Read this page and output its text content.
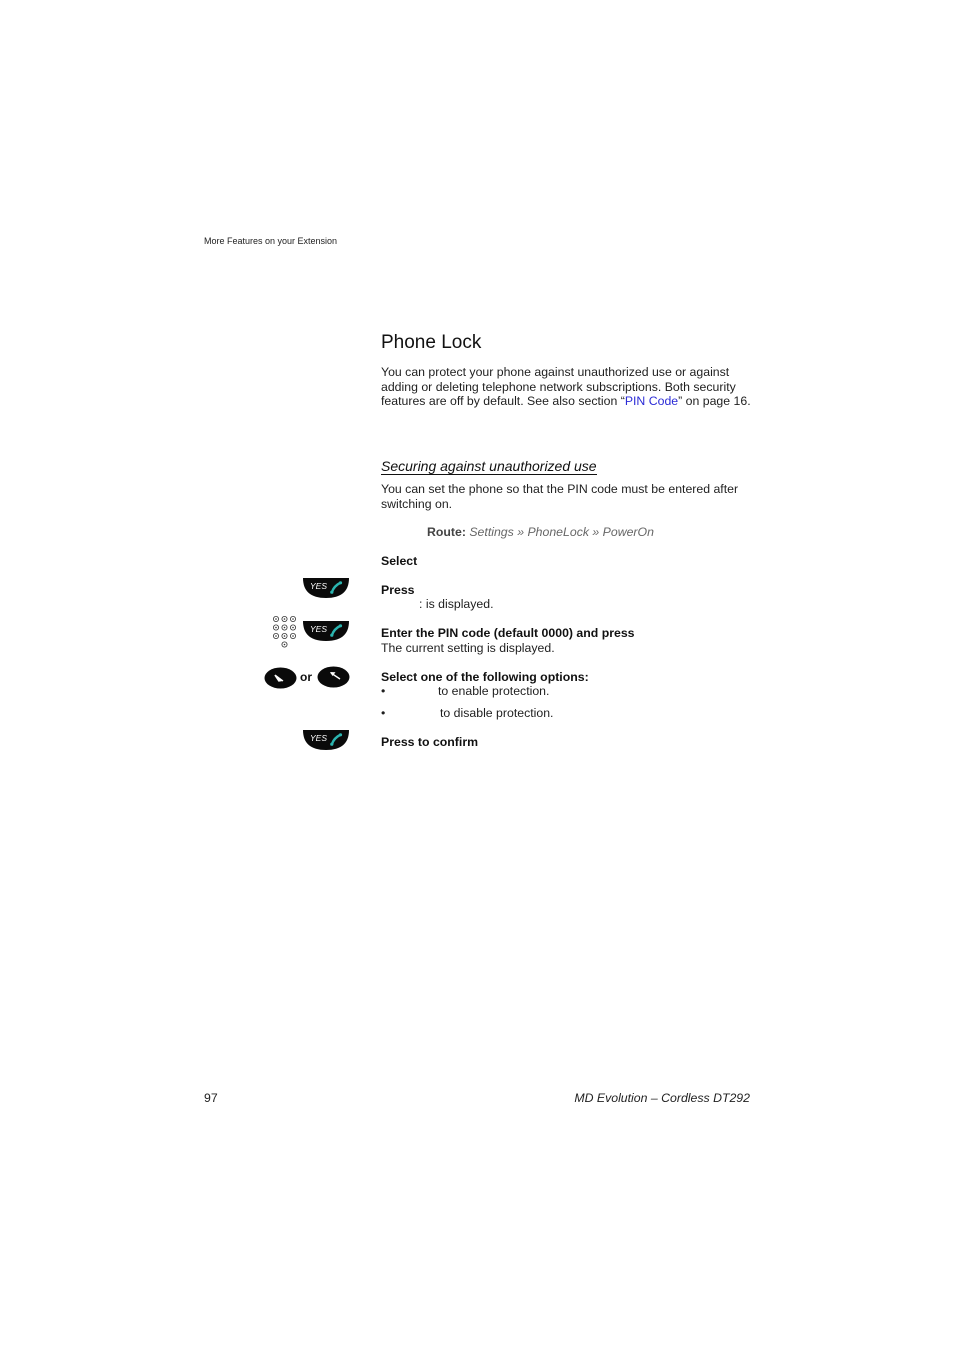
More Features on your Extension
Phone Lock
You can protect your phone against unauthorized use or against adding or deleting telephone network subscriptions. Both security features are off by default. See also section “PIN Code” on page 16.
Securing against unauthorized use
You can set the phone so that the PIN code must be entered after switching on.
Route: Settings » PhoneLock » PowerOn
Select
YES	Press
: is displayed.
YES	Enter the PIN code (default 0000) and press
The current setting is displayed.
or	Select one of the following options:
•	to enable protection.
•	to disable protection.
YES	Press to confirm
97	MD Evolution – Cordless DT292
